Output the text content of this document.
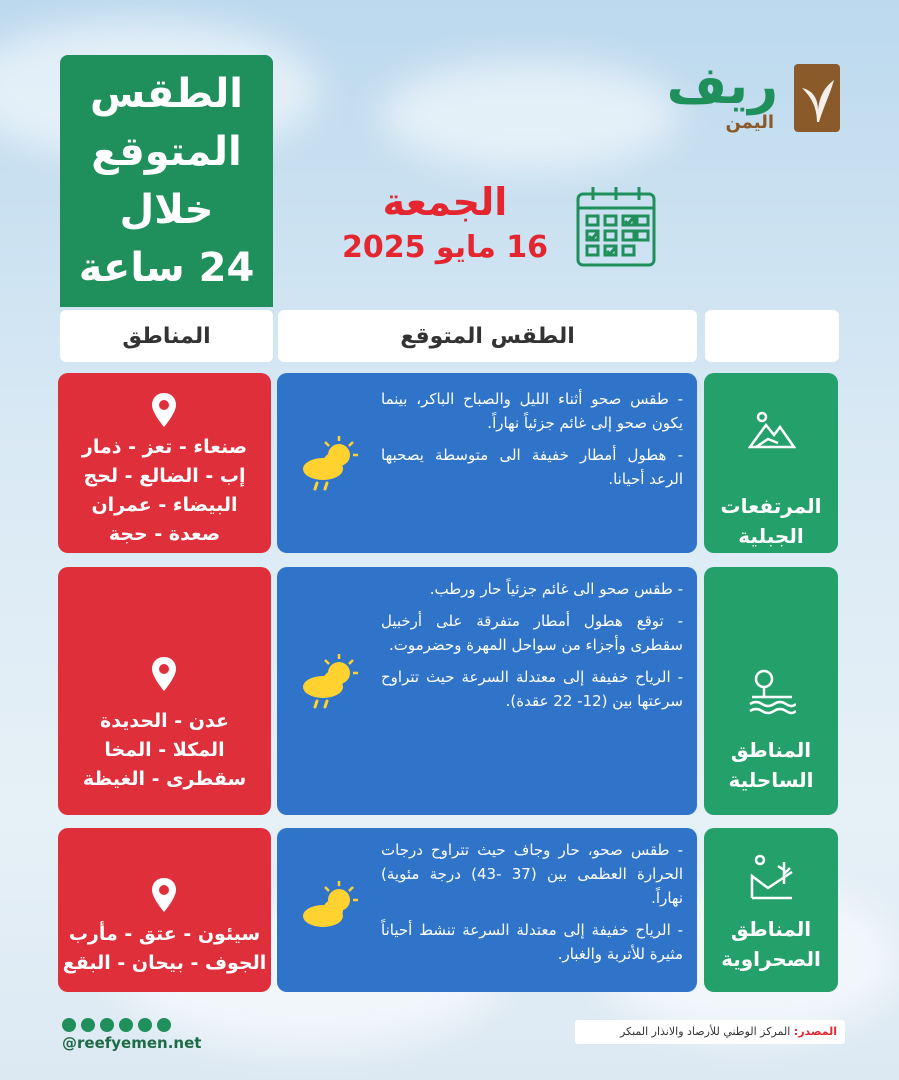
الطقس
المتوقع
خلال
24 ساعة
ريف
اليمن
الجمعة
16 مايو 2025
المناطق	الطقس المتوقع
المرتفعات
الجبلية

- طقس صحو أثناء الليل والصباح الباكر، بينما يكون صحو إلى غائم جزئياً نهاراً.

- هطول أمطار خفيفة الى متوسطة يصحبها الرعد أحيانا.

صنعاء - تعز - ذمار
إب - الضالع - لحج
البيضاء - عمران
صعدة - حجة
المناطق
الساحلية

- طقس صحو الى غائم جزئياً حار ورطب.

- توقع هطول أمطار متفرقة على أرخبيل سقطرى وأجزاء من سواحل المهرة وحضرموت.

- الرياح خفيفة إلى معتدلة السرعة حيث تتراوح سرعتها بين (12- 22 عقدة).

عدن - الحديدة
المكلا - المخا
سقطرى - الغيظة
المناطق
الصحراوية

- طقس صحو، حار وجاف حيث تتراوح درجات الحرارة العظمى بين (37 -43) درجة مئوية) نهاراً.

- الرياح خفيفة إلى معتدلة السرعة تنشط أحياناً مثيرة للأتربة والغبار.

سيئون - عتق - مأرب
الجوف - بيحان - البقع
@reefyemen.net
المصدر: المركز الوطني للأرصاد والانذار المبكر
